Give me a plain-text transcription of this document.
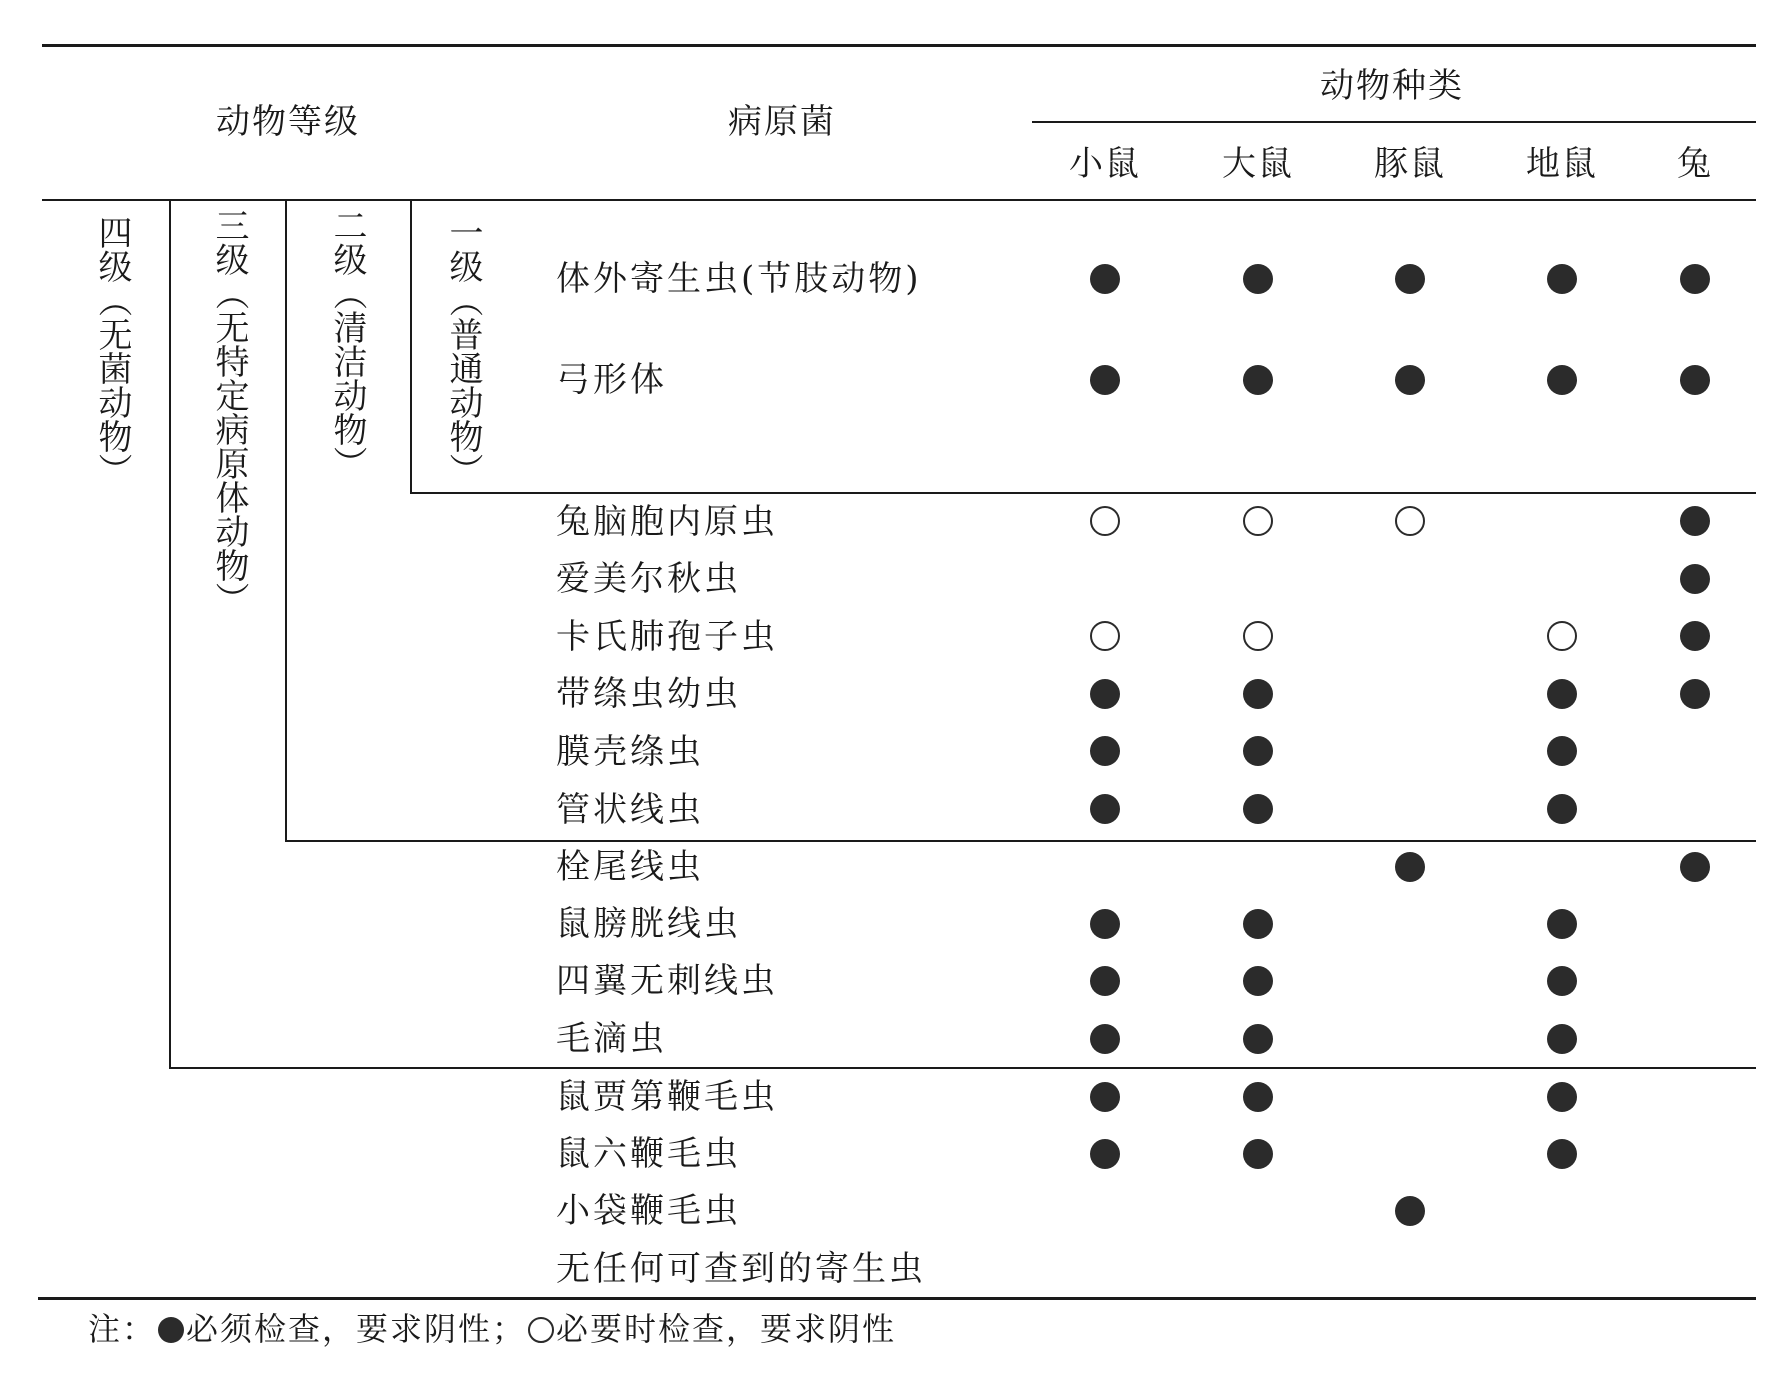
动物等级	病原菌
动物种类
小鼠 大鼠 豚鼠 地鼠 兔
四级（无菌动物） 三级（无特定病原体动物） 二级（清洁动物） 一级（普通动物） 体外寄生虫(节肢动物)
弓形体
兔脑胞内原虫
爱美尔秋虫
卡氏肺孢子虫
带绦虫幼虫
膜壳绦虫
管状线虫
栓尾线虫
鼠膀胱线虫
四翼无刺线虫
毛滴虫
鼠贾第鞭毛虫
鼠六鞭毛虫
小袋鞭毛虫
无任何可查到的寄生虫
注： 必须检查，要求阴性； 必要时检查，要求阴性
